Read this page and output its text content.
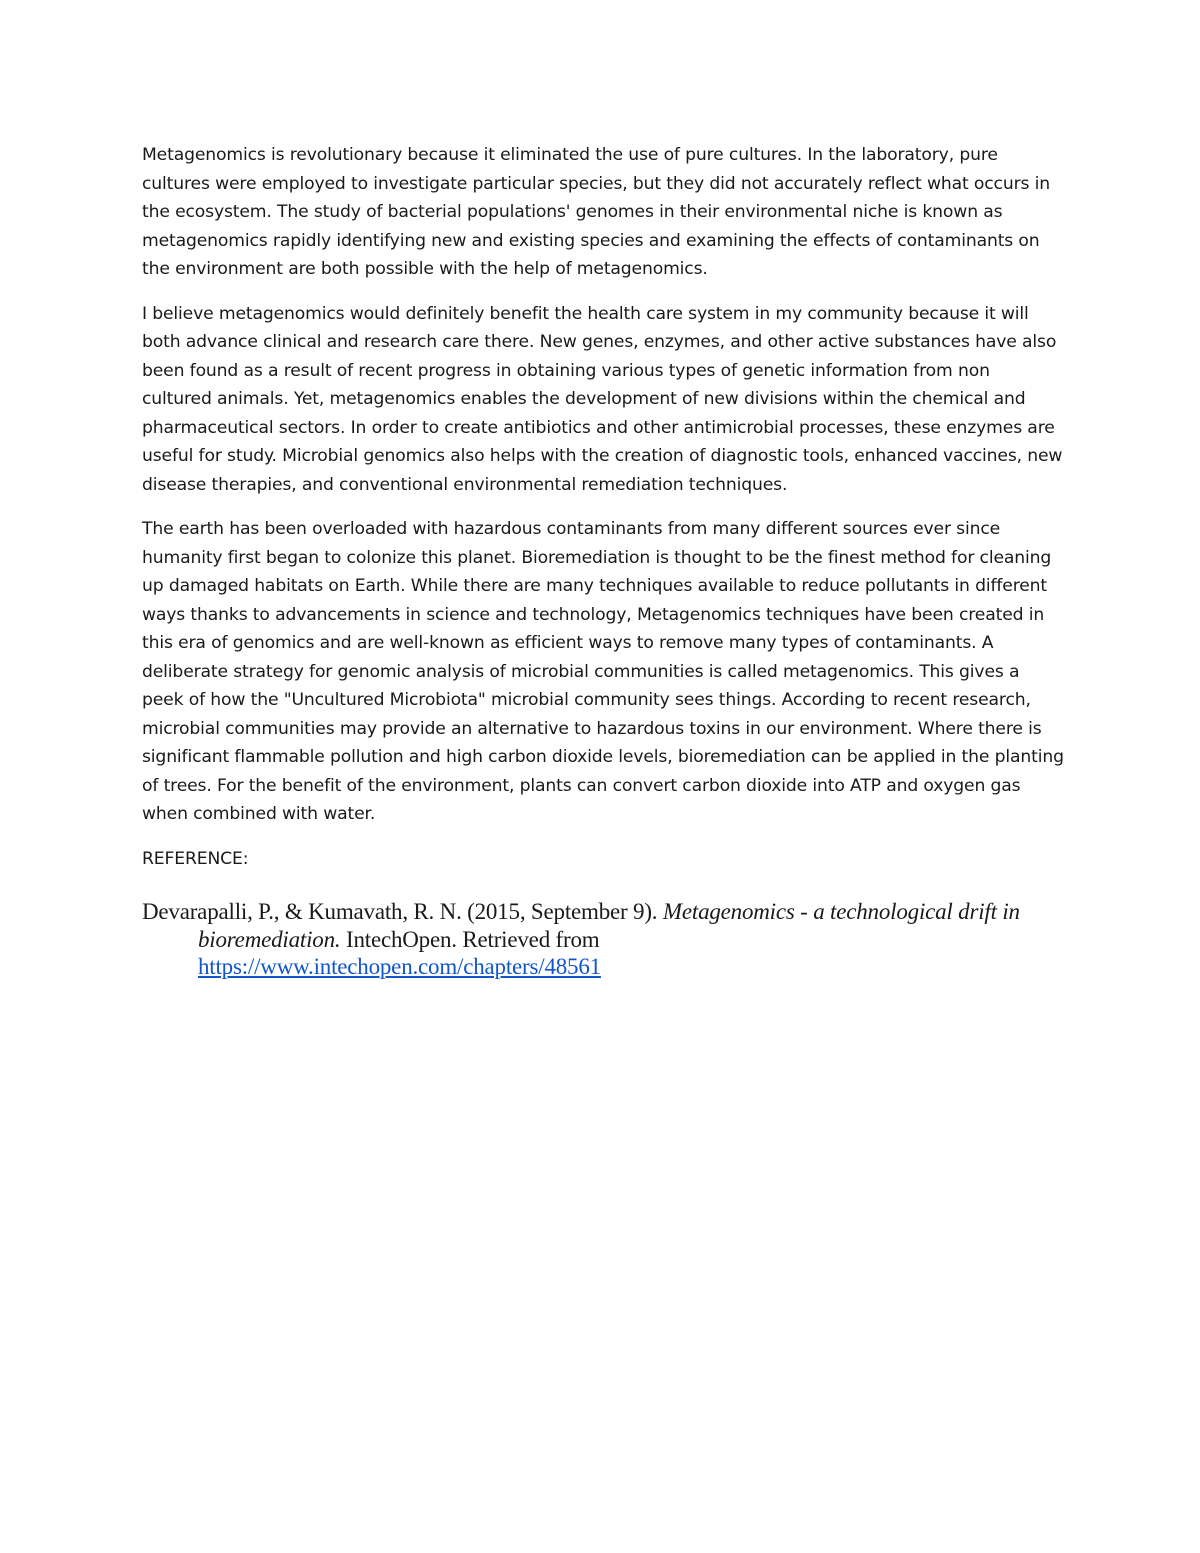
Metagenomics is revolutionary because it eliminated the use of pure cultures. In the laboratory, pure cultures were employed to investigate particular species, but they did not accurately reflect what occurs in the ecosystem. The study of bacterial populations' genomes in their environmental niche is known as metagenomics rapidly identifying new and existing species and examining the effects of contaminants on the environment are both possible with the help of metagenomics.

I believe metagenomics would definitely benefit the health care system in my community because it will both advance clinical and research care there. New genes, enzymes, and other active substances have also been found as a result of recent progress in obtaining various types of genetic information from non cultured animals. Yet, metagenomics enables the development of new divisions within the chemical and pharmaceutical sectors. In order to create antibiotics and other antimicrobial processes, these enzymes are useful for study. Microbial genomics also helps with the creation of diagnostic tools, enhanced vaccines, new disease therapies, and conventional environmental remediation techniques.

The earth has been overloaded with hazardous contaminants from many different sources ever since humanity first began to colonize this planet. Bioremediation is thought to be the finest method for cleaning up damaged habitats on Earth. While there are many techniques available to reduce pollutants in different ways thanks to advancements in science and technology, Metagenomics techniques have been created in this era of genomics and are well-known as efficient ways to remove many types of contaminants. A deliberate strategy for genomic analysis of microbial communities is called metagenomics. This gives a peek of how the "Uncultured Microbiota" microbial community sees things. According to recent research, microbial communities may provide an alternative to hazardous toxins in our environment. Where there is significant flammable pollution and high carbon dioxide levels, bioremediation can be applied in the planting of trees. For the benefit of the environment, plants can convert carbon dioxide into ATP and oxygen gas when combined with water.

REFERENCE:

Devarapalli, P., & Kumavath, R. N. (2015, September 9). Metagenomics - a technological drift in bioremediation. IntechOpen. Retrieved from
https://www.intechopen.com/chapters/48561
